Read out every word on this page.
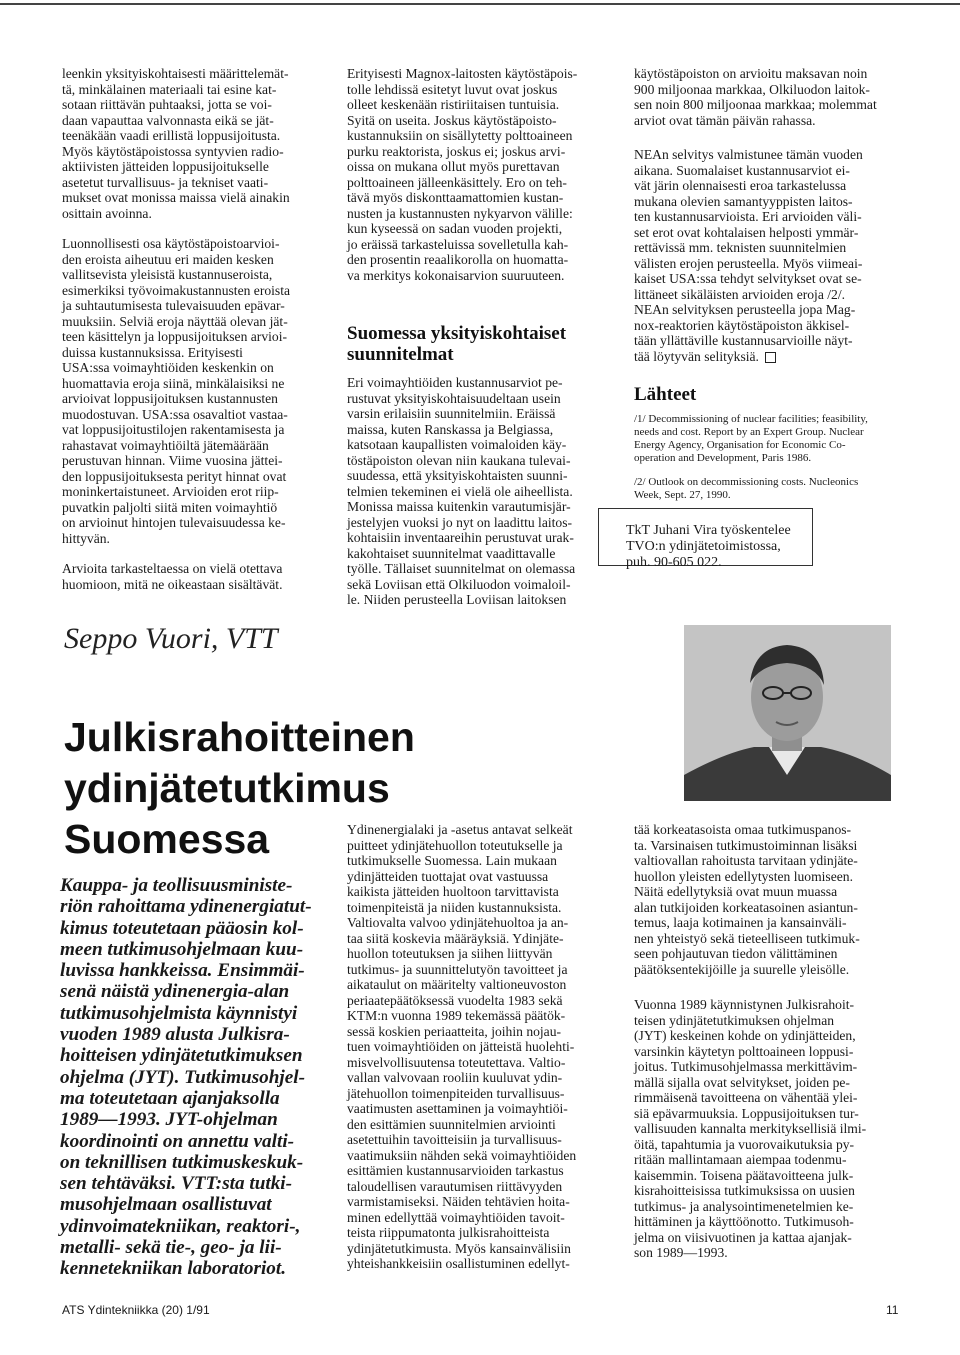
leenkin yksityiskohtaisesti määrittelemät-
tä, minkälainen materiaali tai esine kat-
sotaan riittävän puhtaaksi, jotta se voi-
daan vapauttaa valvonnasta eikä se jät-
teenäkään vaadi erillistä loppusijoitusta.
Myös käytöstäpoistossa syntyvien radio-
aktiivisten jätteiden loppusijoitukselle
asetetut turvallisuus- ja tekniset vaati-
mukset ovat monissa maissa vielä ainakin
osittain avoinna.

Luonnollisesti osa käytöstäpoistoarvioi-
den eroista aiheutuu eri maiden kesken
vallitsevista yleisistä kustannuseroista,
esimerkiksi työvoimakustannusten eroista
ja suhtautumisesta tulevaisuuden epävar-
muuksiin. Selviä eroja näyttää olevan jät-
teen käsittelyn ja loppusijoituksen arvioi-
duissa kustannuksissa. Erityisesti
USA:ssa voimayhtiöiden keskenkin on
huomattavia eroja siinä, minkälaisiksi ne
arvioivat loppusijoituksen kustannusten
muodostuvan. USA:ssa osavaltiot vastaa-
vat loppusijoitustilojen rakentamisesta ja
rahastavat voimayhtiöiltä jätemäärään
perustuvan hinnan. Viime vuosina jättei-
den loppusijoituksesta perityt hinnat ovat
moninkertaistuneet. Arvioiden erot riip-
puvatkin paljolti siitä miten voimayhtiö
on arvioinut hintojen tulevaisuudessa ke-
hittyvän.

Arvioita tarkasteltaessa on vielä otettava
huomioon, mitä ne oikeastaan sisältävät.

Erityisesti Magnox-laitosten käytöstäpois-
tolle lehdissä esitetyt luvut ovat joskus
olleet keskenään ristiriitaisen tuntuisia.
Syitä on useita. Joskus käytöstäpoisto-
kustannuksiin on sisällytetty polttoaineen
purku reaktorista, joskus ei; joskus arvi-
oissa on mukana ollut myös purettavan
polttoaineen jälleenkäsittely. Ero on teh-
tävä myös diskonttaamattomien kustan-
nusten ja kustannusten nykyarvon välille:
kun kyseessä on sadan vuoden projekti,
jo eräissä tarkasteluissa sovelletulla kah-
den prosentin reaalikorolla on huomatta-
va merkitys kokonaisarvion suuruuteen.

Suomessa yksityiskohtaiset
suunnitelmat

Eri voimayhtiöiden kustannusarviot pe-
rustuvat yksityiskohtaisuudeltaan usein
varsin erilaisiin suunnitelmiin. Eräissä
maissa, kuten Ranskassa ja Belgiassa,
katsotaan kaupallisten voimaloiden käy-
töstäpoiston olevan niin kaukana tulevai-
suudessa, että yksityiskohtaisten suunni-
telmien tekeminen ei vielä ole aiheellista.
Monissa maissa kuitenkin varautumisjär-
jestelyjen vuoksi jo nyt on laadittu laitos-
kohtaisiin inventaareihin perustuvat urak-
kakohtaiset suunnitelmat vaadittavalle
työlle. Tällaiset suunnitelmat on olemassa
sekä Loviisan että Olkiluodon voimaloil-
le. Niiden perusteella Loviisan laitoksen

käytöstäpoiston on arvioitu maksavan noin
900 miljoonaa markkaa, Olkiluodon laitok-
sen noin 800 miljoonaa markkaa; molemmat
arviot ovat tämän päivän rahassa.

NEAn selvitys valmistunee tämän vuoden
aikana. Suomalaiset kustannusarviot ei-
vät järin olennaisesti eroa tarkastelussa
mukana olevien samantyyppisten laitos-
ten kustannusarvioista. Eri arvioiden väli-
set erot ovat kohtalaisen helposti ymmär-
rettävissä mm. teknisten suunnitelmien
välisten erojen perusteella. Myös viimeai-
kaiset USA:ssa tehdyt selvitykset ovat se-
littäneet sikäläisten arvioiden eroja /2/.
NEAn selvityksen perusteella jopa Mag-
nox-reaktorien käytöstäpoiston äkkisel-
tään yllättäville kustannusarvioille näyt-
tää löytyvän selityksiä.

Lähteet

/1/ Decommissioning of nuclear facilities; feasibility,
needs and cost. Report by an Expert Group. Nuclear
Energy Agency, Organisation for Economic Co-
operation and Development, Paris 1986.

/2/ Outlook on decommissioning costs. Nucleonics
Week, Sept. 27, 1990.

TkT Juhani Vira työskentelee
TVO:n ydinjätetoimistossa,
puh. 90-605 022.
Seppo Vuori, VTT
Julkisrahoitteinen
ydinjätetutkimus Suomessa
Kauppa- ja teollisuusministe-
riön rahoittama ydinenergiatut-
kimus toteutetaan pääosin kol-
meen tutkimusohjelmaan kuu-
luvissa hankkeissa. Ensimmäi-
senä näistä ydinenergia-alan
tutkimusohjelmista käynnistyi
vuoden 1989 alusta Julkisra-
hoitteisen ydinjätetutkimuksen
ohjelma (JYT). Tutkimusohjel-
ma toteutetaan ajanjaksolla
1989—1993. JYT-ohjelman
koordinointi on annettu valti-
on teknillisen tutkimuskeskuk-
sen tehtäväksi. VTT:sta tutki-
musohjelmaan osallistuvat
ydinvoimatekniikan, reaktori-,
metalli- sekä tie-, geo- ja lii-
kennetekniikan laboratoriot.

Ydinenergialaki ja -asetus antavat selkeät
puitteet ydinjätehuollon toteutukselle ja
tutkimukselle Suomessa. Lain mukaan
ydinjätteiden tuottajat ovat vastuussa
kaikista jätteiden huoltoon tarvittavista
toimenpiteistä ja niiden kustannuksista.
Valtiovalta valvoo ydinjätehuoltoa ja an-
taa siitä koskevia määräyksiä. Ydinjäte-
huollon toteutuksen ja siihen liittyvän
tutkimus- ja suunnittelutyön tavoitteet ja
aikataulut on määritelty valtioneuvoston
periaatepäätöksessä vuodelta 1983 sekä
KTM:n vuonna 1989 tekemässä päätök-
sessä koskien periaatteita, joihin nojau-
tuen voimayhtiöiden on jätteistä huolehti-
misvelvollisuutensa toteutettava. Valtio-
vallan valvovaan rooliin kuuluvat ydin-
jätehuollon toimenpiteiden turvallisuus-
vaatimusten asettaminen ja voimayhtiöi-
den esittämien suunnitelmien arviointi
asetettuihin tavoitteisiin ja turvallisuus-
vaatimuksiin nähden sekä voimayhtiöiden
esittämien kustannusarvioiden tarkastus
taloudellisen varautumisen riittävyyden
varmistamiseksi. Näiden tehtävien hoita-
minen edellyttää voimayhtiöiden tavoit-
teista riippumatonta julkisrahoitteista
ydinjätetutkimusta. Myös kansainvälisiin
yhteishankkeisiin osallistuminen edellyt-

tää korkeatasoista omaa tutkimuspanos-
ta. Varsinaisen tutkimustoiminnan lisäksi
valtiovallan rahoitusta tarvitaan ydinjäte-
huollon yleisten edellytysten luomiseen.
Näitä edellytyksiä ovat muun muassa
alan tutkijoiden korkeatasoinen asiantun-
temus, laaja kotimainen ja kansainväli-
nen yhteistyö sekä tieteelliseen tutkimuk-
seen pohjautuvan tiedon välittäminen
päätöksentekijöille ja suurelle yleisölle.

Vuonna 1989 käynnistynen Julkisrahoit-
teisen ydinjätetutkimuksen ohjelman
(JYT) keskeinen kohde on ydinjätteiden,
varsinkin käytetyn polttoaineen loppusi-
joitus. Tutkimusohjelmassa merkittävim-
mällä sijalla ovat selvitykset, joiden pe-
rimmäisenä tavoitteena on vähentää ylei-
siä epävarmuuksia. Loppusijoituksen tur-
vallisuuden kannalta merkityksellisiä ilmi-
öitä, tapahtumia ja vuorovaikutuksia py-
ritään mallintamaan aiempaa todenmu-
kaisemmin. Toisena päätavoitteena julk-
kisrahoitteisissa tutkimuksissa on uusien
tutkimus- ja analysointimenetelmien ke-
hittäminen ja käyttöönotto. Tutkimusoh-
jelma on viisivuotinen ja kattaa ajanjak-
son 1989—1993.

ATS Ydintekniikka (20) 1/91	11
